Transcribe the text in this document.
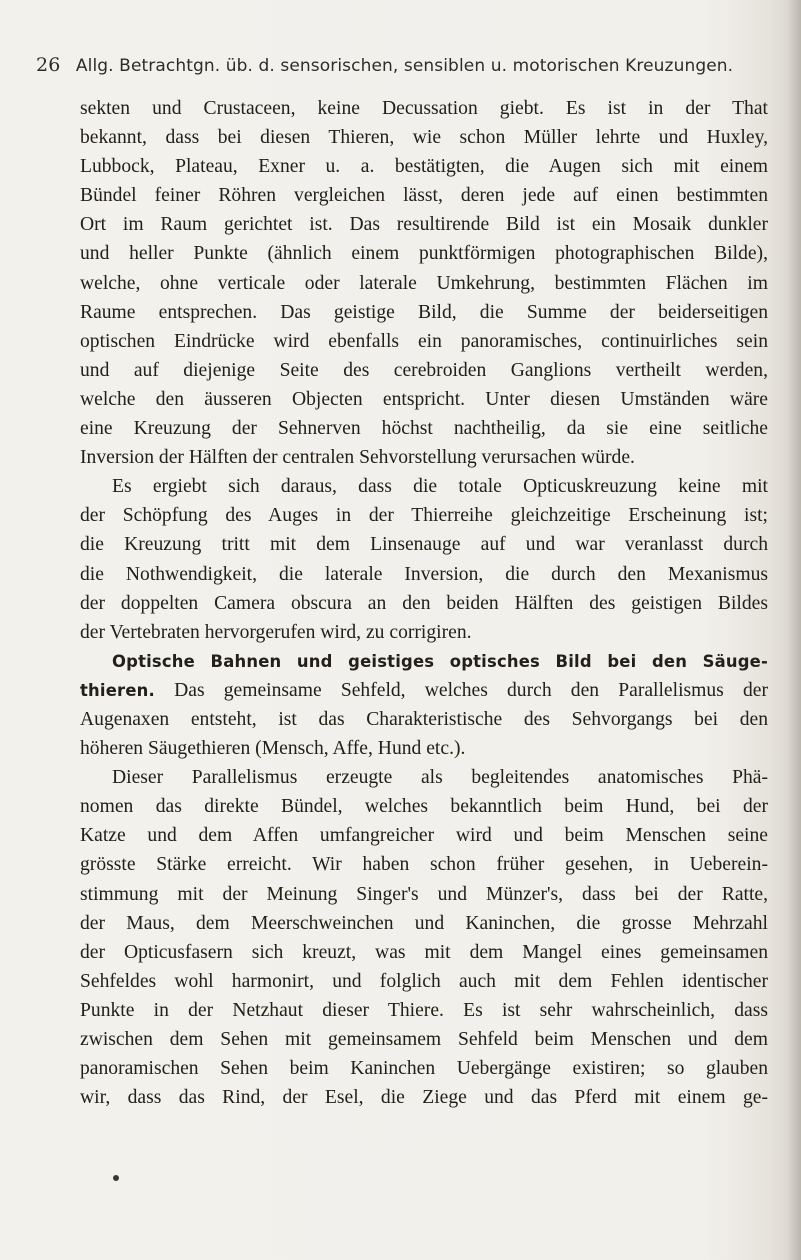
26 Allg. Betrachtgn. üb. d. sensorischen, sensiblen u. motorischen Kreuzungen.
sekten und Crustaceen, keine Decussation giebt. Es ist in der That
bekannt, dass bei diesen Thieren, wie schon Müller lehrte und Huxley,
Lubbock, Plateau, Exner u. a. bestätigten, die Augen sich mit einem
Bündel feiner Röhren vergleichen lässt, deren jede auf einen bestimmten
Ort im Raum gerichtet ist. Das resultirende Bild ist ein Mosaik dunkler
und heller Punkte (ähnlich einem punktförmigen photographischen Bilde),
welche, ohne verticale oder laterale Umkehrung, bestimmten Flächen im
Raume entsprechen. Das geistige Bild, die Summe der beiderseitigen
optischen Eindrücke wird ebenfalls ein panoramisches, continuirliches sein
und auf diejenige Seite des cerebroiden Ganglions vertheilt werden,
welche den äusseren Objecten entspricht. Unter diesen Umständen wäre
eine Kreuzung der Sehnerven höchst nachtheilig, da sie eine seitliche
Inversion der Hälften der centralen Sehvorstellung verursachen würde.
Es ergiebt sich daraus, dass die totale Opticuskreuzung keine mit
der Schöpfung des Auges in der Thierreihe gleichzeitige Erscheinung ist;
die Kreuzung tritt mit dem Linsenauge auf und war veranlasst durch
die Nothwendigkeit, die laterale Inversion, die durch den Mexanismus
der doppelten Camera obscura an den beiden Hälften des geistigen Bildes
der Vertebraten hervorgerufen wird, zu corrigiren.
Optische Bahnen und geistiges optisches Bild bei den Säuge-
thieren. Das gemeinsame Sehfeld, welches durch den Parallelismus der
Augenaxen entsteht, ist das Charakteristische des Sehvorgangs bei den
höheren Säugethieren (Mensch, Affe, Hund etc.).
Dieser Parallelismus erzeugte als begleitendes anatomisches Phä-
nomen das direkte Bündel, welches bekanntlich beim Hund, bei der
Katze und dem Affen umfangreicher wird und beim Menschen seine
grösste Stärke erreicht. Wir haben schon früher gesehen, in Ueberein-
stimmung mit der Meinung Singer's und Münzer's, dass bei der Ratte,
der Maus, dem Meerschweinchen und Kaninchen, die grosse Mehrzahl
der Opticusfasern sich kreuzt, was mit dem Mangel eines gemeinsamen
Sehfeldes wohl harmonirt, und folglich auch mit dem Fehlen identischer
Punkte in der Netzhaut dieser Thiere. Es ist sehr wahrscheinlich, dass
zwischen dem Sehen mit gemeinsamem Sehfeld beim Menschen und dem
panoramischen Sehen beim Kaninchen Uebergänge existiren; so glauben
wir, dass das Rind, der Esel, die Ziege und das Pferd mit einem ge-
